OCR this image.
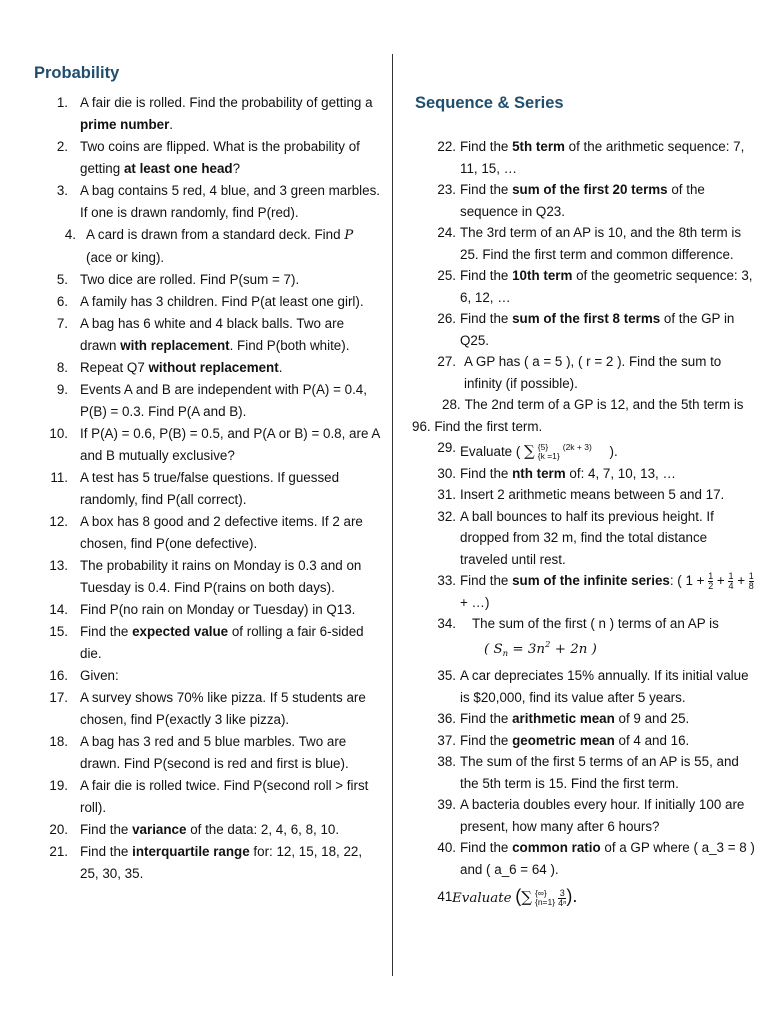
Probability
1. A fair die is rolled. Find the probability of getting a prime number.
2. Two coins are flipped. What is the probability of getting at least one head?
3. A bag contains 5 red, 4 blue, and 3 green marbles. If one is drawn randomly, find P(red).
4. A card is drawn from a standard deck. Find P (ace or king).
5. Two dice are rolled. Find P(sum = 7).
6. A family has 3 children. Find P(at least one girl).
7. A bag has 6 white and 4 black balls. Two are drawn with replacement. Find P(both white).
8. Repeat Q7 without replacement.
9. Events A and B are independent with P(A) = 0.4, P(B) = 0.3. Find P(A and B).
10. If P(A) = 0.6, P(B) = 0.5, and P(A or B) = 0.8, are A and B mutually exclusive?
11. A test has 5 true/false questions. If guessed randomly, find P(all correct).
12. A box has 8 good and 2 defective items. If 2 are chosen, find P(one defective).
13. The probability it rains on Monday is 0.3 and on Tuesday is 0.4. Find P(rains on both days).
14. Find P(no rain on Monday or Tuesday) in Q13.
15. Find the expected value of rolling a fair 6-sided die.
16. Given:
17. A survey shows 70% like pizza. If 5 students are chosen, find P(exactly 3 like pizza).
18. A bag has 3 red and 5 blue marbles. Two are drawn. Find P(second is red and first is blue).
19. A fair die is rolled twice. Find P(second roll > first roll).
20. Find the variance of the data: 2, 4, 6, 8, 10.
21. Find the interquartile range for: 12, 15, 18, 22, 25, 30, 35.
Sequence & Series
22. Find the 5th term of the arithmetic sequence: 7, 11, 15, …
23. Find the sum of the first 20 terms of the sequence in Q23.
24. The 3rd term of an AP is 10, and the 8th term is 25. Find the first term and common difference.
25. Find the 10th term of the geometric sequence: 3, 6, 12, …
26. Find the sum of the first 8 terms of the GP in Q25.
27. A GP has ( a = 5 ), ( r = 2 ). Find the sum to infinity (if possible).
28. The 2nd term of a GP is 12, and the 5th term is 96. Find the first term.
29. Evaluate ( ∑ {5}
{k =1}
$^{(2k + 3)}$ ).
30. Find the nth term of: 4, 7, 10, 13, …
31. Insert 2 arithmetic means between 5 and 17.
32. A ball bounces to half its previous height. If dropped from 32 m, find the total distance traveled until rest.
33. Find the sum of the infinite series: ( $1 + \frac{1}{2} + \frac{1}{4} + \frac{1}{8}$
+ …)
34. The sum of the first ( n ) terms of an AP is
( $S_n = 3n^2 + 2n$ )
35. A car depreciates 15% annually. If its initial value is $20,000, find its value after 5 years.
36. Find the arithmetic mean of 9 and 25.
37. Find the geometric mean of 4 and 16.
38. The sum of the first 5 terms of an AP is 55, and the 5th term is 15. Find the first term.
39. A bacteria doubles every hour. If initially 100 are present, how many after 6 hours?
40. Find the common ratio of a GP where ( a_3 = 8 ) and ( a_6 = 64 ).
41.
Evaluate (∑ {∞}
$\{n=1\} \frac{3}{\text{4ⁿ}}$ ).
